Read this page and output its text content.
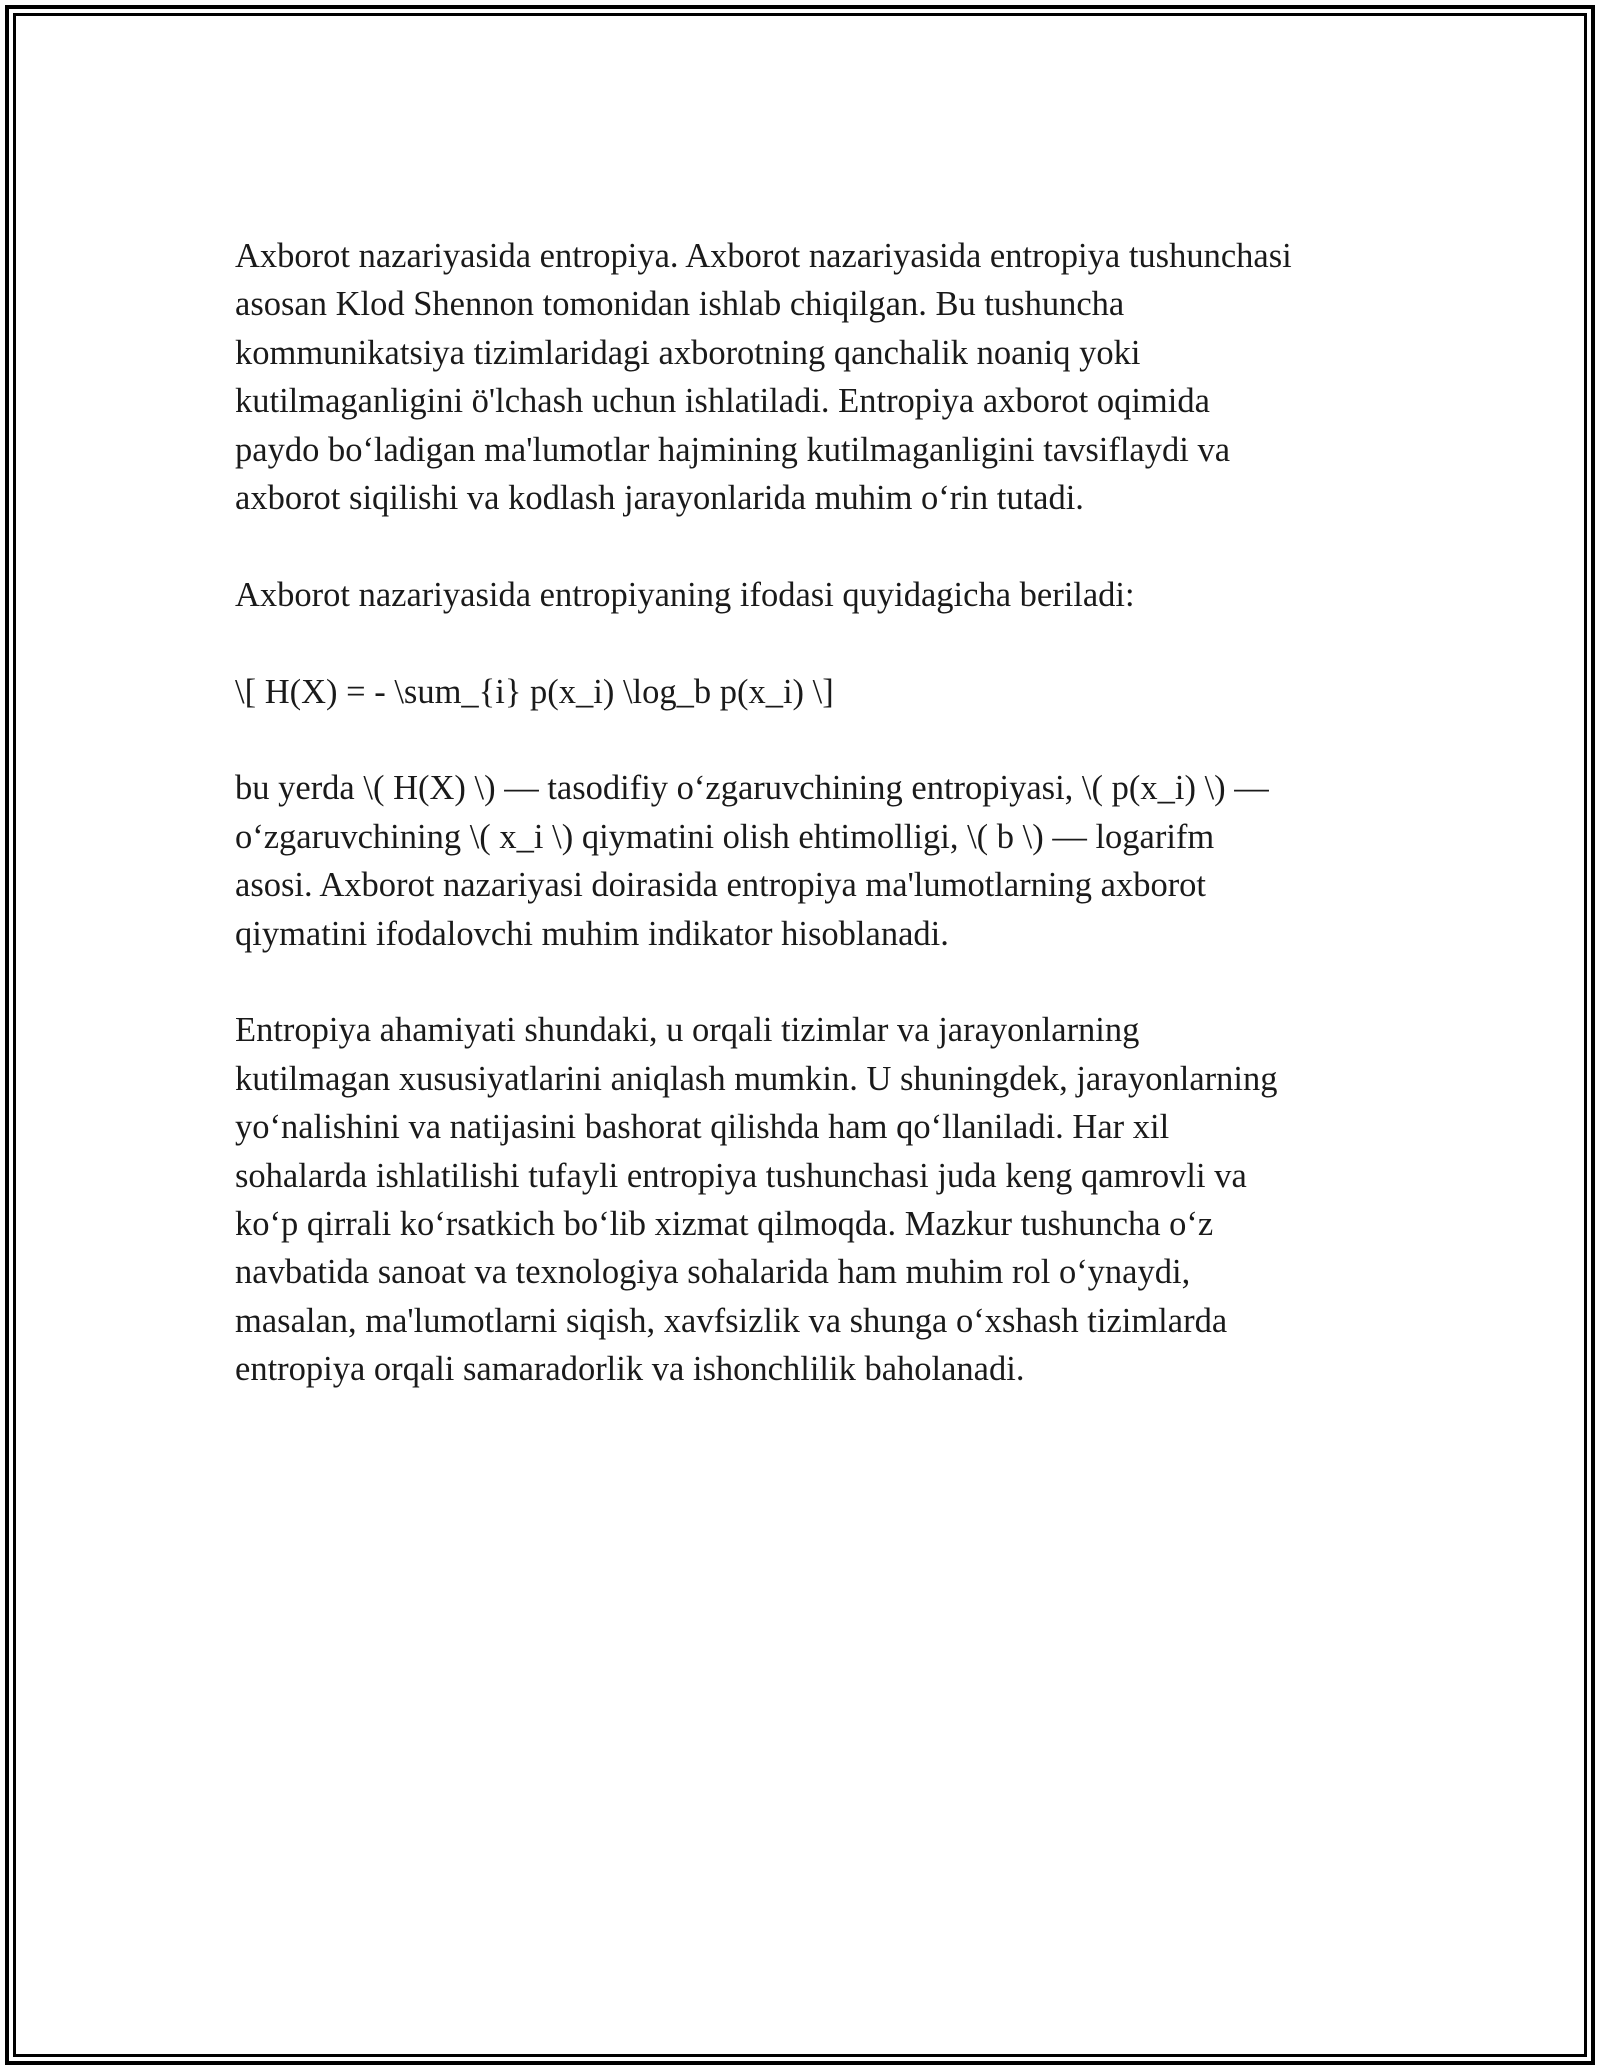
Axborot nazariyasida entropiya. Axborot nazariyasida entropiya tushunchasi
asosan Klod Shennon tomonidan ishlab chiqilgan. Bu tushuncha
kommunikatsiya tizimlaridagi axborotning qanchalik noaniq yoki
kutilmaganligini ö'lchash uchun ishlatiladi. Entropiya axborot oqimida
paydo bo‘ladigan ma'lumotlar hajmining kutilmaganligini tavsiflaydi va
axborot siqilishi va kodlash jarayonlarida muhim o‘rin tutadi.

Axborot nazariyasida entropiyaning ifodasi quyidagicha beriladi:

\[ H(X) = - \sum_{i} p(x_i) \log_b p(x_i) \]

bu yerda \( H(X) \) — tasodifiy o‘zgaruvchining entropiyasi, \( p(x_i) \) —
o‘zgaruvchining \( x_i \) qiymatini olish ehtimolligi, \( b \) — logarifm
asosi. Axborot nazariyasi doirasida entropiya ma'lumotlarning axborot
qiymatini ifodalovchi muhim indikator hisoblanadi.

Entropiya ahamiyati shundaki, u orqali tizimlar va jarayonlarning
kutilmagan xususiyatlarini aniqlash mumkin. U shuningdek, jarayonlarning
yo‘nalishini va natijasini bashorat qilishda ham qo‘llaniladi. Har xil
sohalarda ishlatilishi tufayli entropiya tushunchasi juda keng qamrovli va
ko‘p qirrali ko‘rsatkich bo‘lib xizmat qilmoqda. Mazkur tushuncha o‘z
navbatida sanoat va texnologiya sohalarida ham muhim rol o‘ynaydi,
masalan, ma'lumotlarni siqish, xavfsizlik va shunga o‘xshash tizimlarda
entropiya orqali samaradorlik va ishonchlilik baholanadi.
